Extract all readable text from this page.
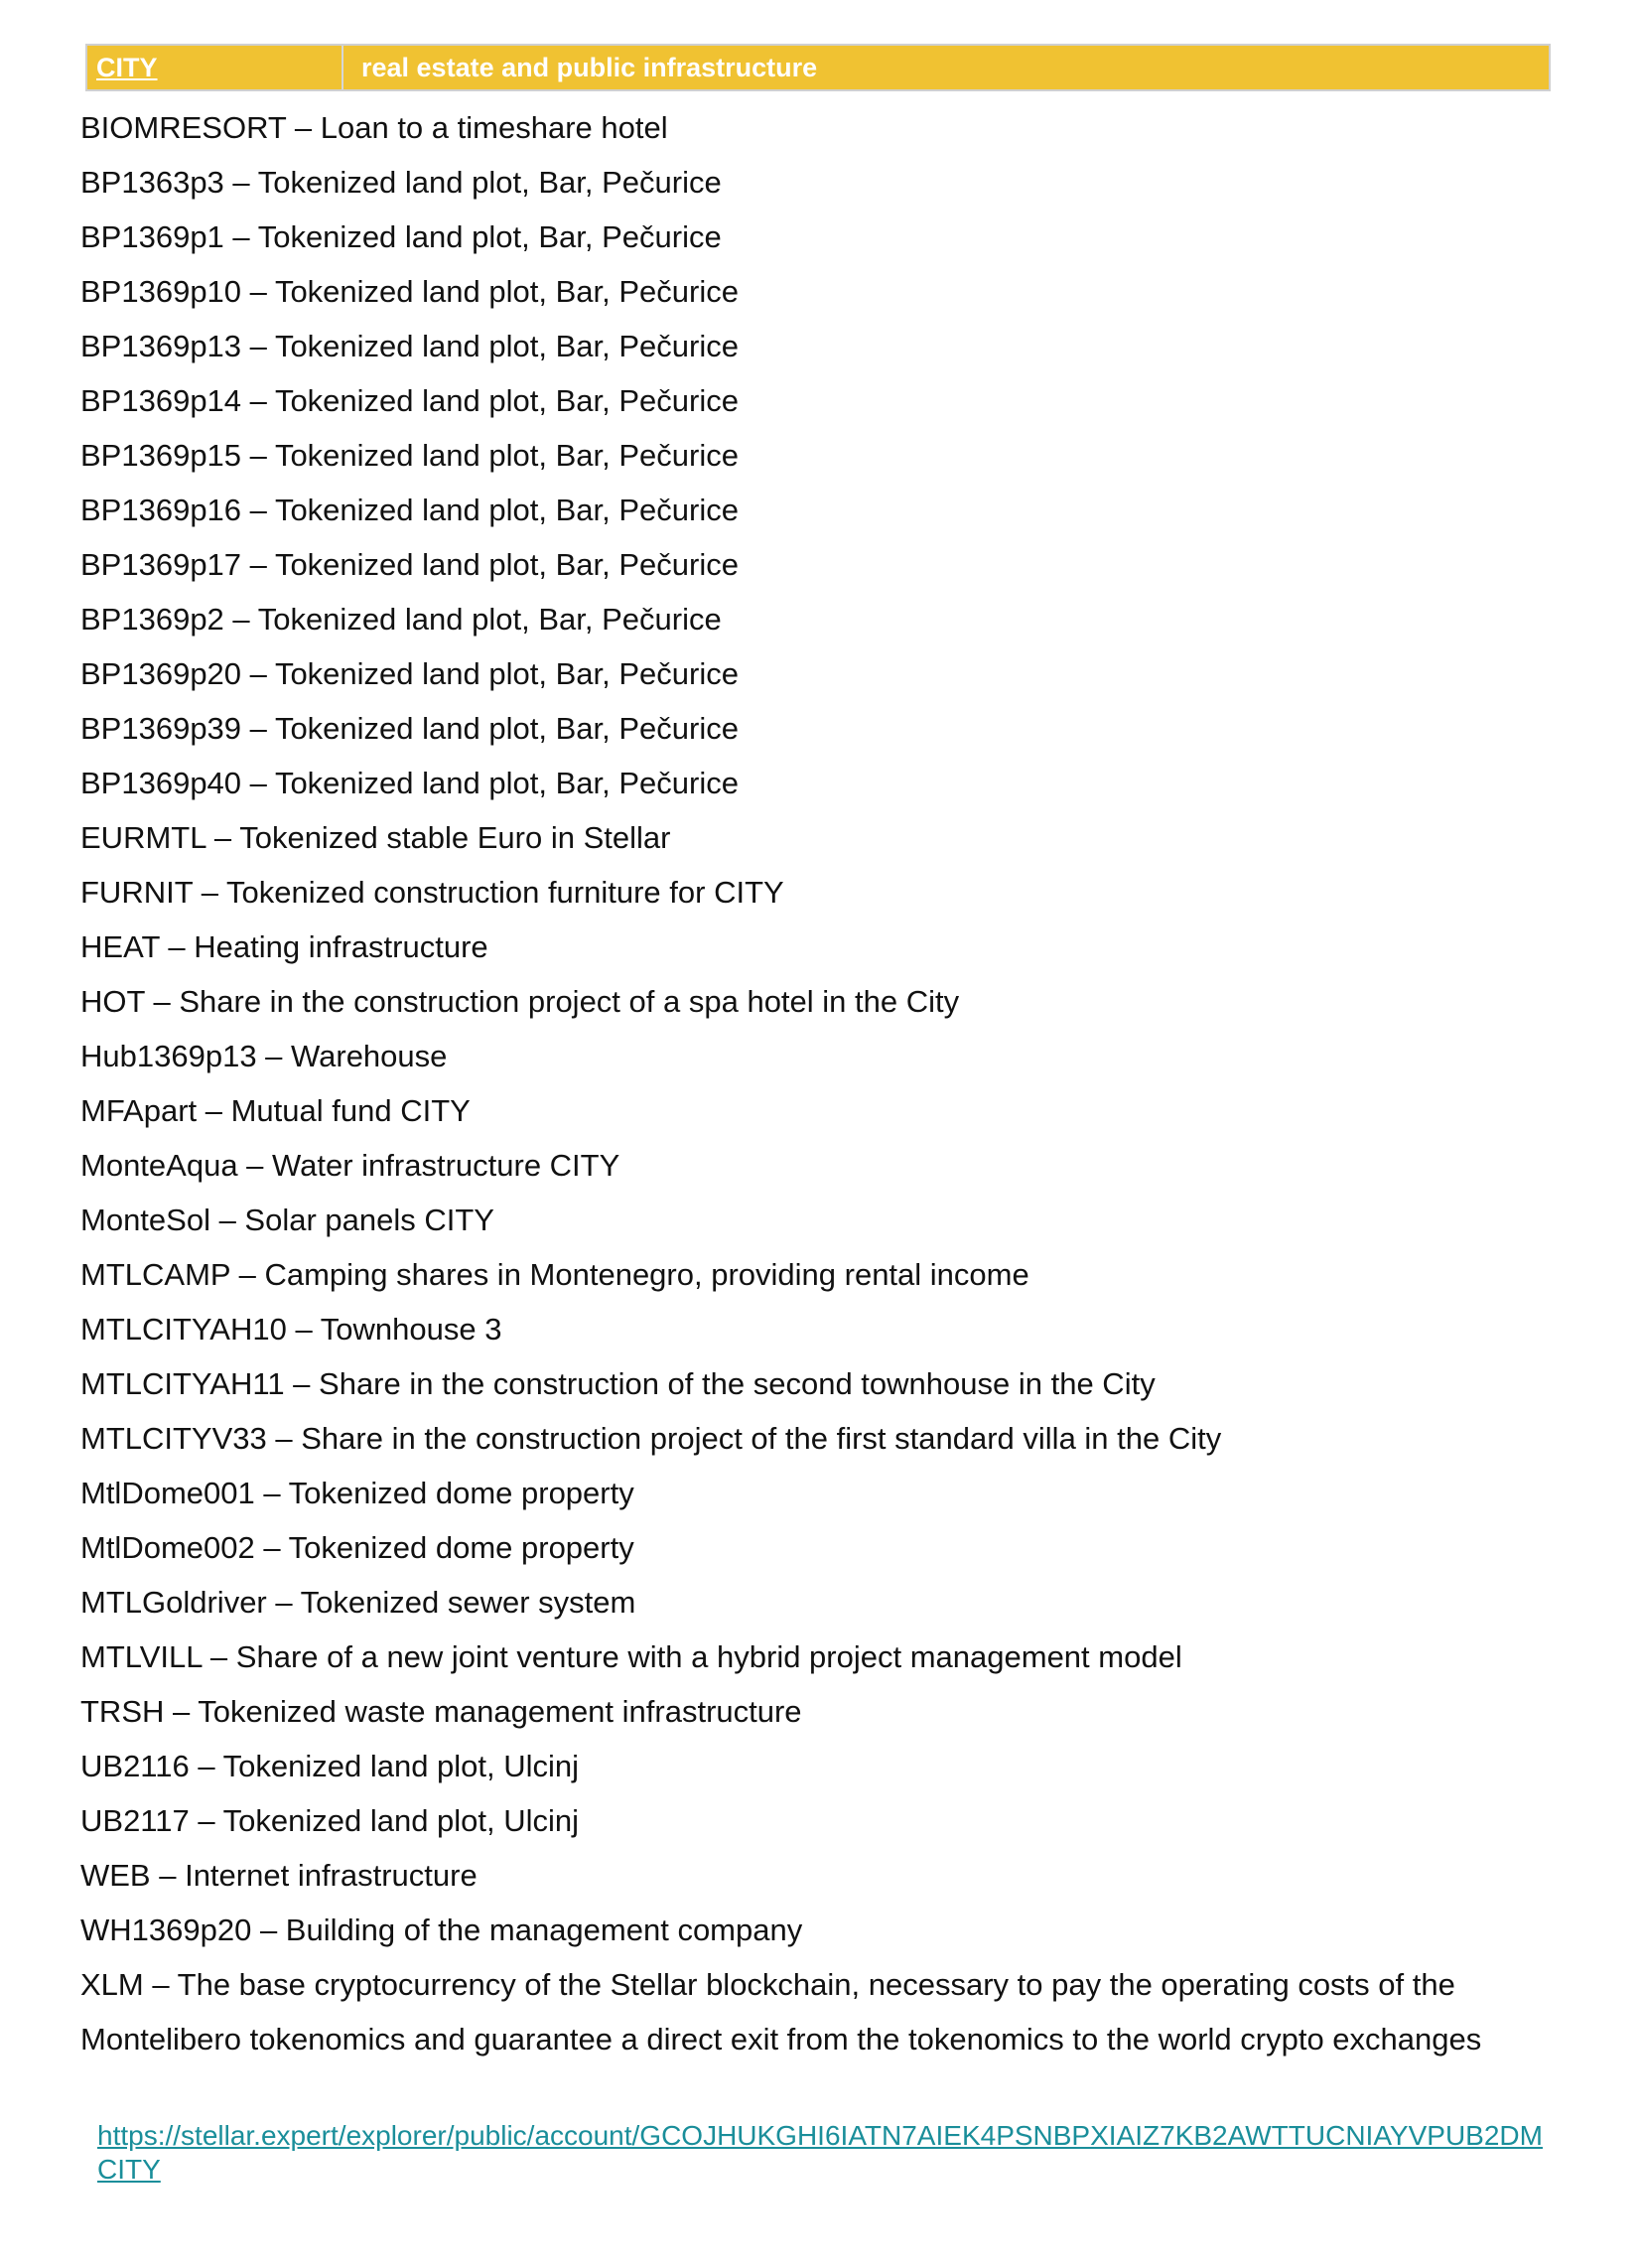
CITY	real estate and public infrastructure
BIOMRESORT – Loan to a timeshare hotel
BP1363p3 – Tokenized land plot, Bar, Pečurice
BP1369p1 – Tokenized land plot, Bar, Pečurice
BP1369p10 – Tokenized land plot, Bar, Pečurice
BP1369p13 – Tokenized land plot, Bar, Pečurice
BP1369p14 – Tokenized land plot, Bar, Pečurice
BP1369p15 – Tokenized land plot, Bar, Pečurice
BP1369p16 – Tokenized land plot, Bar, Pečurice
BP1369p17 – Tokenized land plot, Bar, Pečurice
BP1369p2 – Tokenized land plot, Bar, Pečurice
BP1369p20 – Tokenized land plot, Bar, Pečurice
BP1369p39 – Tokenized land plot, Bar, Pečurice
BP1369p40 – Tokenized land plot, Bar, Pečurice
EURMTL – Tokenized stable Euro in Stellar
FURNIT – Tokenized construction furniture for CITY
HEAT – Heating infrastructure
HOT – Share in the construction project of a spa hotel in the City
Hub1369p13 – Warehouse
MFApart – Mutual fund CITY
MonteAqua – Water infrastructure CITY
MonteSol – Solar panels CITY
MTLCAMP – Camping shares in Montenegro, providing rental income
MTLCITYAH10 – Townhouse 3
MTLCITYAH11 – Share in the construction of the second townhouse in the City
MTLCITYV33 – Share in the construction project of the first standard villa in the City
MtlDome001 – Tokenized dome property
MtlDome002 – Tokenized dome property
MTLGoldriver – Tokenized sewer system
MTLVILL – Share of a new joint venture with a hybrid project management model
TRSH – Tokenized waste management infrastructure
UB2116 – Tokenized land plot, Ulcinj
UB2117 – Tokenized land plot, Ulcinj
WEB – Internet infrastructure
WH1369p20 – Building of the management company
XLM – The base cryptocurrency of the Stellar blockchain, necessary to pay the operating costs of the Montelibero tokenomics and guarantee a direct exit from the tokenomics to the world crypto exchanges
https://stellar.expert/explorer/public/account/GCOJHUKGHI6IATN7AIEK4PSNBPXIAIZ7KB2AWTTUCNIAYVPUB2DMCITY
